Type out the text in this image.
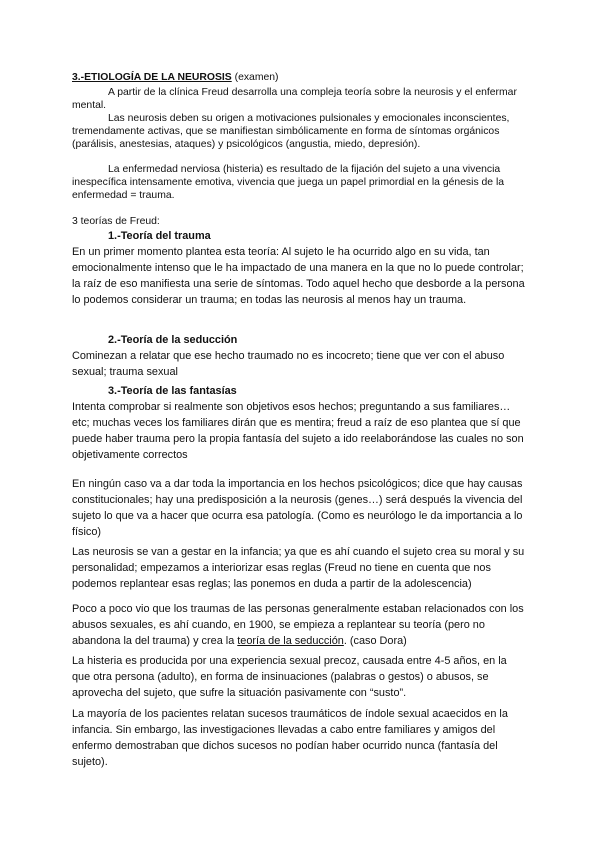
3.-ETIOLOGÍA DE LA NEUROSIS (examen)

A partir de la clínica Freud desarrolla una compleja teoría sobre la neurosis y el enfermar mental.

Las neurosis deben su origen a motivaciones pulsionales y emocionales inconscientes, tremendamente activas, que se manifiestan simbólicamente en forma de síntomas orgánicos (parálisis, anestesias, ataques) y psicológicos (angustia, miedo, depresión).

La enfermedad nerviosa (histeria) es resultado de la fijación del sujeto a una vivencia inespecífica intensamente emotiva, vivencia que juega un papel primordial en la génesis de la enfermedad = trauma.

3 teorías de Freud:

1.-Teoría del trauma

En un primer momento plantea esta teoría: Al sujeto le ha ocurrido algo en su vida, tan emocionalmente intenso que le ha impactado de una manera en la que no lo puede controlar; la raíz de eso manifiesta una serie de síntomas. Todo aquel hecho que desborde a la persona lo podemos considerar un trauma; en todas las neurosis al menos hay un trauma.

2.-Teoría de la seducción

Cominezan a relatar que ese hecho traumado no es incocreto; tiene que ver con el abuso sexual; trauma sexual

3.-Teoría de las fantasías

Intenta comprobar si realmente son objetivos esos hechos; preguntando a sus familiares…etc; muchas veces los familiares dirán que es mentira; freud a raíz de eso plantea que sí que puede haber trauma pero la propia fantasía del sujeto a ido reelaborándose las cuales no son objetivamente correctos

En ningún caso va a dar toda la importancia en los hechos psicológicos; dice que hay causas constitucionales; hay una predisposición a la neurosis (genes…) será después la vivencia del sujeto lo que va a hacer que ocurra esa patología. (Como es neurólogo le da importancia a lo físico)

Las neurosis se van a gestar en la infancia; ya que es ahí cuando el sujeto crea su moral y su personalidad; empezamos a interiorizar esas reglas (Freud no tiene en cuenta que nos podemos replantear esas reglas; las ponemos en duda a partir de la adolescencia)

Poco a poco vio que los traumas de las personas generalmente estaban relacionados con los abusos sexuales, es ahí cuando, en 1900, se empieza a replantear su teoría (pero no abandona la del trauma) y crea la teoría de la seducción. (caso Dora)

La histeria es producida por una experiencia sexual precoz, causada entre 4-5 años, en la que otra persona (adulto), en forma de insinuaciones (palabras o gestos) o abusos, se aprovecha del sujeto, que sufre la situación pasivamente con “susto”.

La mayoría de los pacientes relatan sucesos traumáticos de índole sexual acaecidos en la infancia. Sin embargo, las investigaciones llevadas a cabo entre familiares y amigos del enfermo demostraban que dichos sucesos no podían haber ocurrido nunca (fantasía del sujeto).
